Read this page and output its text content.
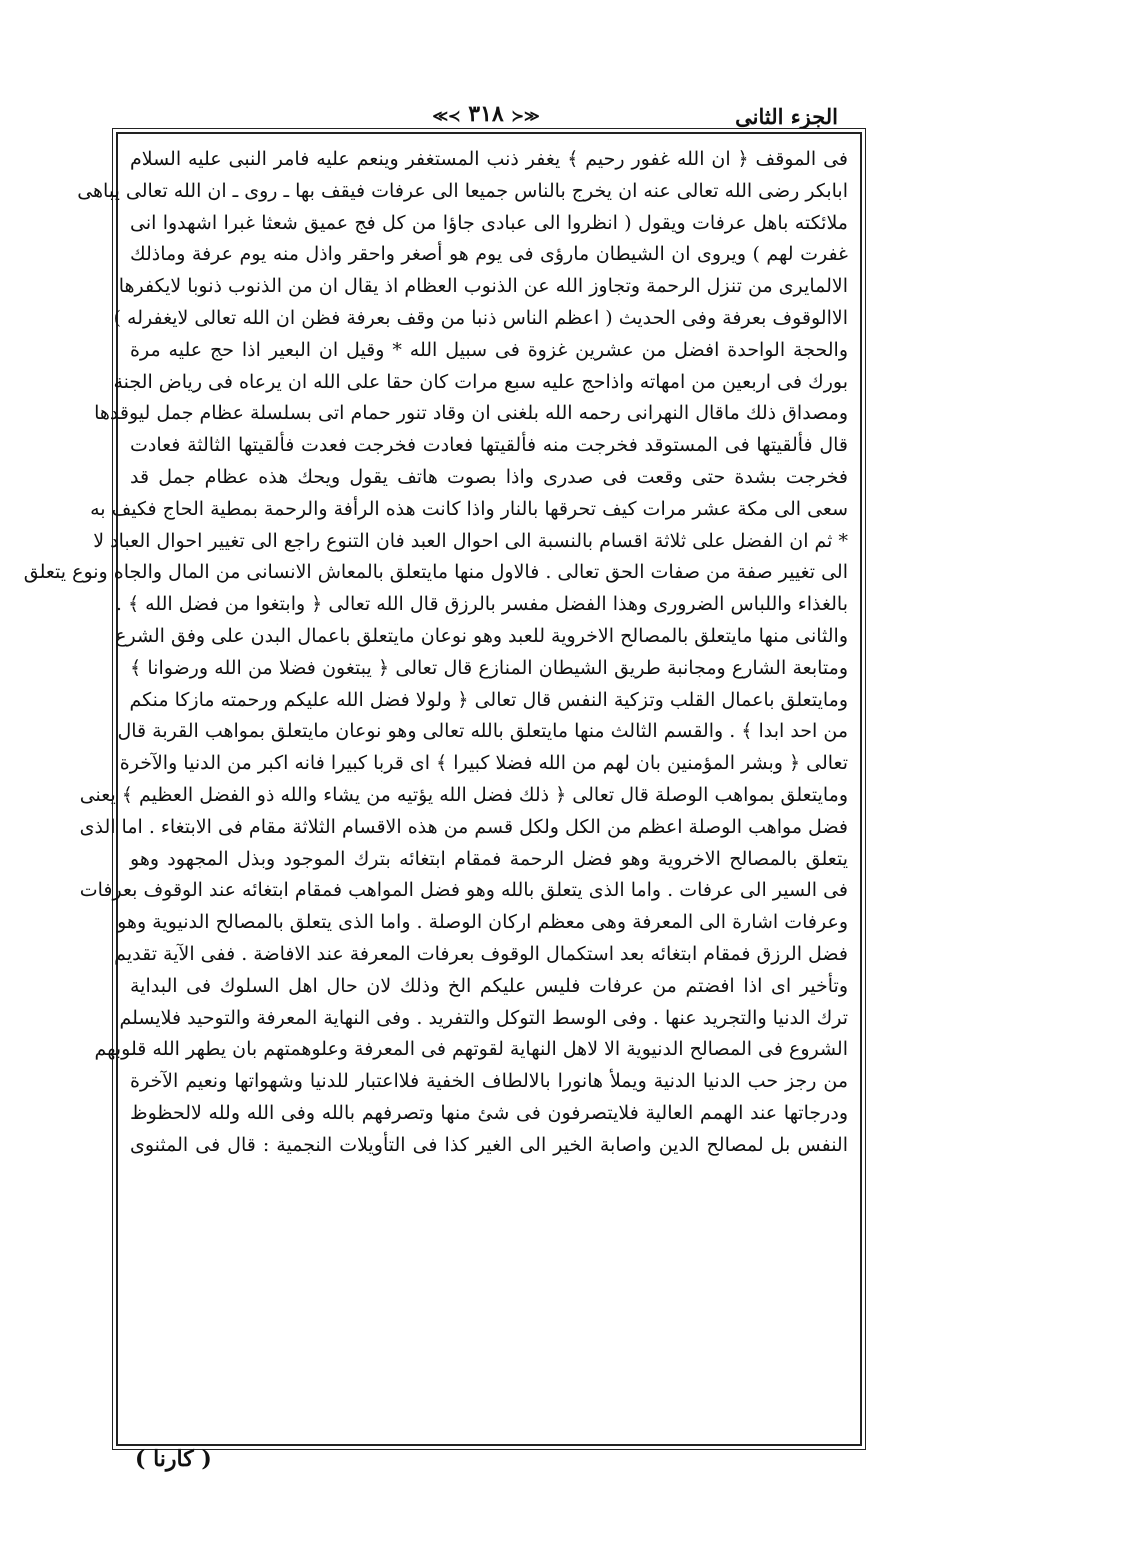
الجزء الثانى
≪≺ ٣١٨ ≻≫
فى الموقف ﴿ ان الله غفور رحيم ﴾ يغفر ذنب المستغفر وينعم عليه فامر النبى عليه السلام
ابابكر رضى الله تعالى عنه ان يخرج بالناس جميعا الى عرفات فيقف بها ـ روى ـ ان الله تعالى يباهى
ملائكته باهل عرفات ويقول ( انظروا الى عبادى جاؤا من كل فج عميق شعثا غبرا اشهدوا انى
غفرت لهم ) ويروى ان الشيطان مارؤى فى يوم هو أصغر واحقر واذل منه يوم عرفة وماذلك
الالمايرى من تنزل الرحمة وتجاوز الله عن الذنوب العظام اذ يقال ان من الذنوب ذنوبا لايكفرها
الاالوقوف بعرفة وفى الحديث ( اعظم الناس ذنبا من وقف بعرفة فظن ان الله تعالى لايغفرله )
والحجة الواحدة افضل من عشرين غزوة فى سبيل الله * وقيل ان البعير اذا حج عليه مرة
بورك فى اربعين من امهاته واذاحج عليه سبع مرات كان حقا على الله ان يرعاه فى رياض الجنة
ومصداق ذلك ماقال النهرانى رحمه الله بلغنى ان وقاد تنور حمام اتى بسلسلة عظام جمل ليوقدها
قال فألقيتها فى المستوقد فخرجت منه فألقيتها فعادت فخرجت فعدت فألقيتها الثالثة فعادت
فخرجت بشدة حتى وقعت فى صدرى واذا بصوت هاتف يقول ويحك هذه عظام جمل قد
سعى الى مكة عشر مرات كيف تحرقها بالنار واذا كانت هذه الرأفة والرحمة بمطية الحاج فكيف به
* ثم ان الفضل على ثلاثة اقسام بالنسبة الى احوال العبد فان التنوع راجع الى تغيير احوال العباد لا
الى تغيير صفة من صفات الحق تعالى . فالاول منها مايتعلق بالمعاش الانسانى من المال والجاه ونوع يتعلق
بالغذاء واللباس الضرورى وهذا الفضل مفسر بالرزق قال الله تعالى ﴿ وابتغوا من فضل الله ﴾ .
والثانى منها مايتعلق بالمصالح الاخروية للعبد وهو نوعان مايتعلق باعمال البدن على وفق الشرع
ومتابعة الشارع ومجانبة طريق الشيطان المنازع قال تعالى ﴿ يبتغون فضلا من الله ورضوانا ﴾
ومايتعلق باعمال القلب وتزكية النفس قال تعالى ﴿ ولولا فضل الله عليكم ورحمته مازكا منكم
من احد ابدا ﴾ . والقسم الثالث منها مايتعلق بالله تعالى وهو نوعان مايتعلق بمواهب القربة قال
تعالى ﴿ وبشر المؤمنين بان لهم من الله فضلا كبيرا ﴾ اى قربا كبيرا فانه اكبر من الدنيا والآخرة
ومايتعلق بمواهب الوصلة قال تعالى ﴿ ذلك فضل الله يؤتيه من يشاء والله ذو الفضل العظيم ﴾ يعنى
فضل مواهب الوصلة اعظم من الكل ولكل قسم من هذه الاقسام الثلاثة مقام فى الابتغاء . اما الذى
يتعلق بالمصالح الاخروية وهو فضل الرحمة فمقام ابتغائه بترك الموجود وبذل المجهود وهو
فى السير الى عرفات . واما الذى يتعلق بالله وهو فضل المواهب فمقام ابتغائه عند الوقوف بعرفات
وعرفات اشارة الى المعرفة وهى معظم اركان الوصلة . واما الذى يتعلق بالمصالح الدنيوية وهو
فضل الرزق فمقام ابتغائه بعد استكمال الوقوف بعرفات المعرفة عند الافاضة . ففى الآية تقديم
وتأخير اى اذا افضتم من عرفات فليس عليكم الخ وذلك لان حال اهل السلوك فى البداية
ترك الدنيا والتجريد عنها . وفى الوسط التوكل والتفريد . وفى النهاية المعرفة والتوحيد فلايسلم
الشروع فى المصالح الدنيوية الا لاهل النهاية لقوتهم فى المعرفة وعلوهمتهم بان يطهر الله قلوبهم
من رجز حب الدنيا الدنية ويملأ هانورا بالالطاف الخفية فلااعتبار للدنيا وشهواتها ونعيم الآخرة
ودرجاتها عند الهمم العالية فلايتصرفون فى شئ منها وتصرفهم بالله وفى الله ولله لالحظوظ
النفس بل لمصالح الدين واصابة الخير الى الغير كذا فى التأويلات النجمية : قال فى المثنوى
( كارنا )
